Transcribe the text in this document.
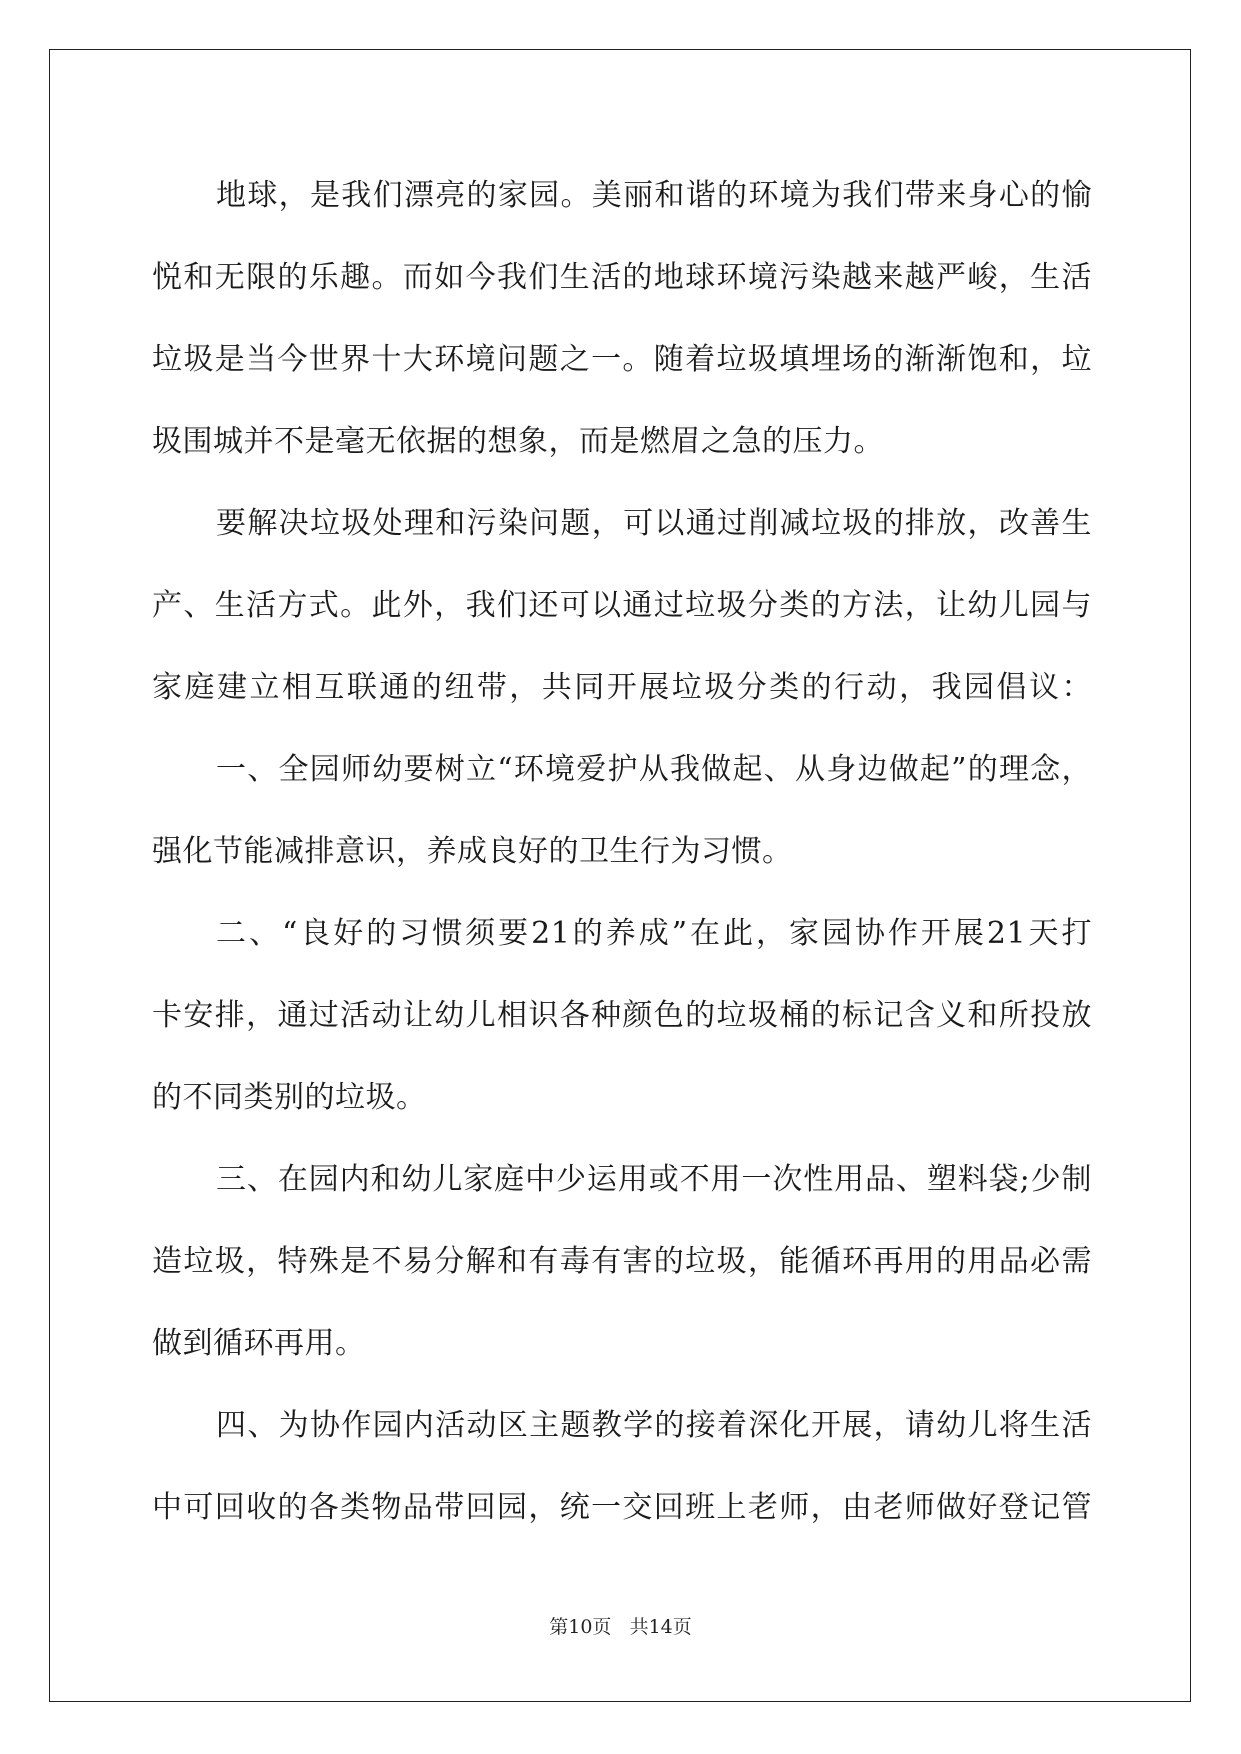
地球，是我们漂亮的家园。美丽和谐的环境为我们带来身心的愉
悦和无限的乐趣。而如今我们生活的地球环境污染越来越严峻，生活
垃圾是当今世界十大环境问题之一。随着垃圾填埋场的渐渐饱和，垃
圾围城并不是毫无依据的想象，而是燃眉之急的压力。
要解决垃圾处理和污染问题，可以通过削减垃圾的排放，改善生
产、生活方式。此外，我们还可以通过垃圾分类的方法，让幼儿园与
家庭建立相互联通的纽带，共同开展垃圾分类的行动，我园倡议：
一、全园师幼要树立“环境爱护从我做起、从身边做起”的理念，
强化节能减排意识，养成良好的卫生行为习惯。
二、“良好的习惯须要21的养成”在此，家园协作开展21天打
卡安排，通过活动让幼儿相识各种颜色的垃圾桶的标记含义和所投放
的不同类别的垃圾。
三、在园内和幼儿家庭中少运用或不用一次性用品、塑料袋;少制
造垃圾，特殊是不易分解和有毒有害的垃圾，能循环再用的用品必需
做到循环再用。
四、为协作园内活动区主题教学的接着深化开展，请幼儿将生活
中可回收的各类物品带回园，统一交回班上老师，由老师做好登记管
第10页 共14页
